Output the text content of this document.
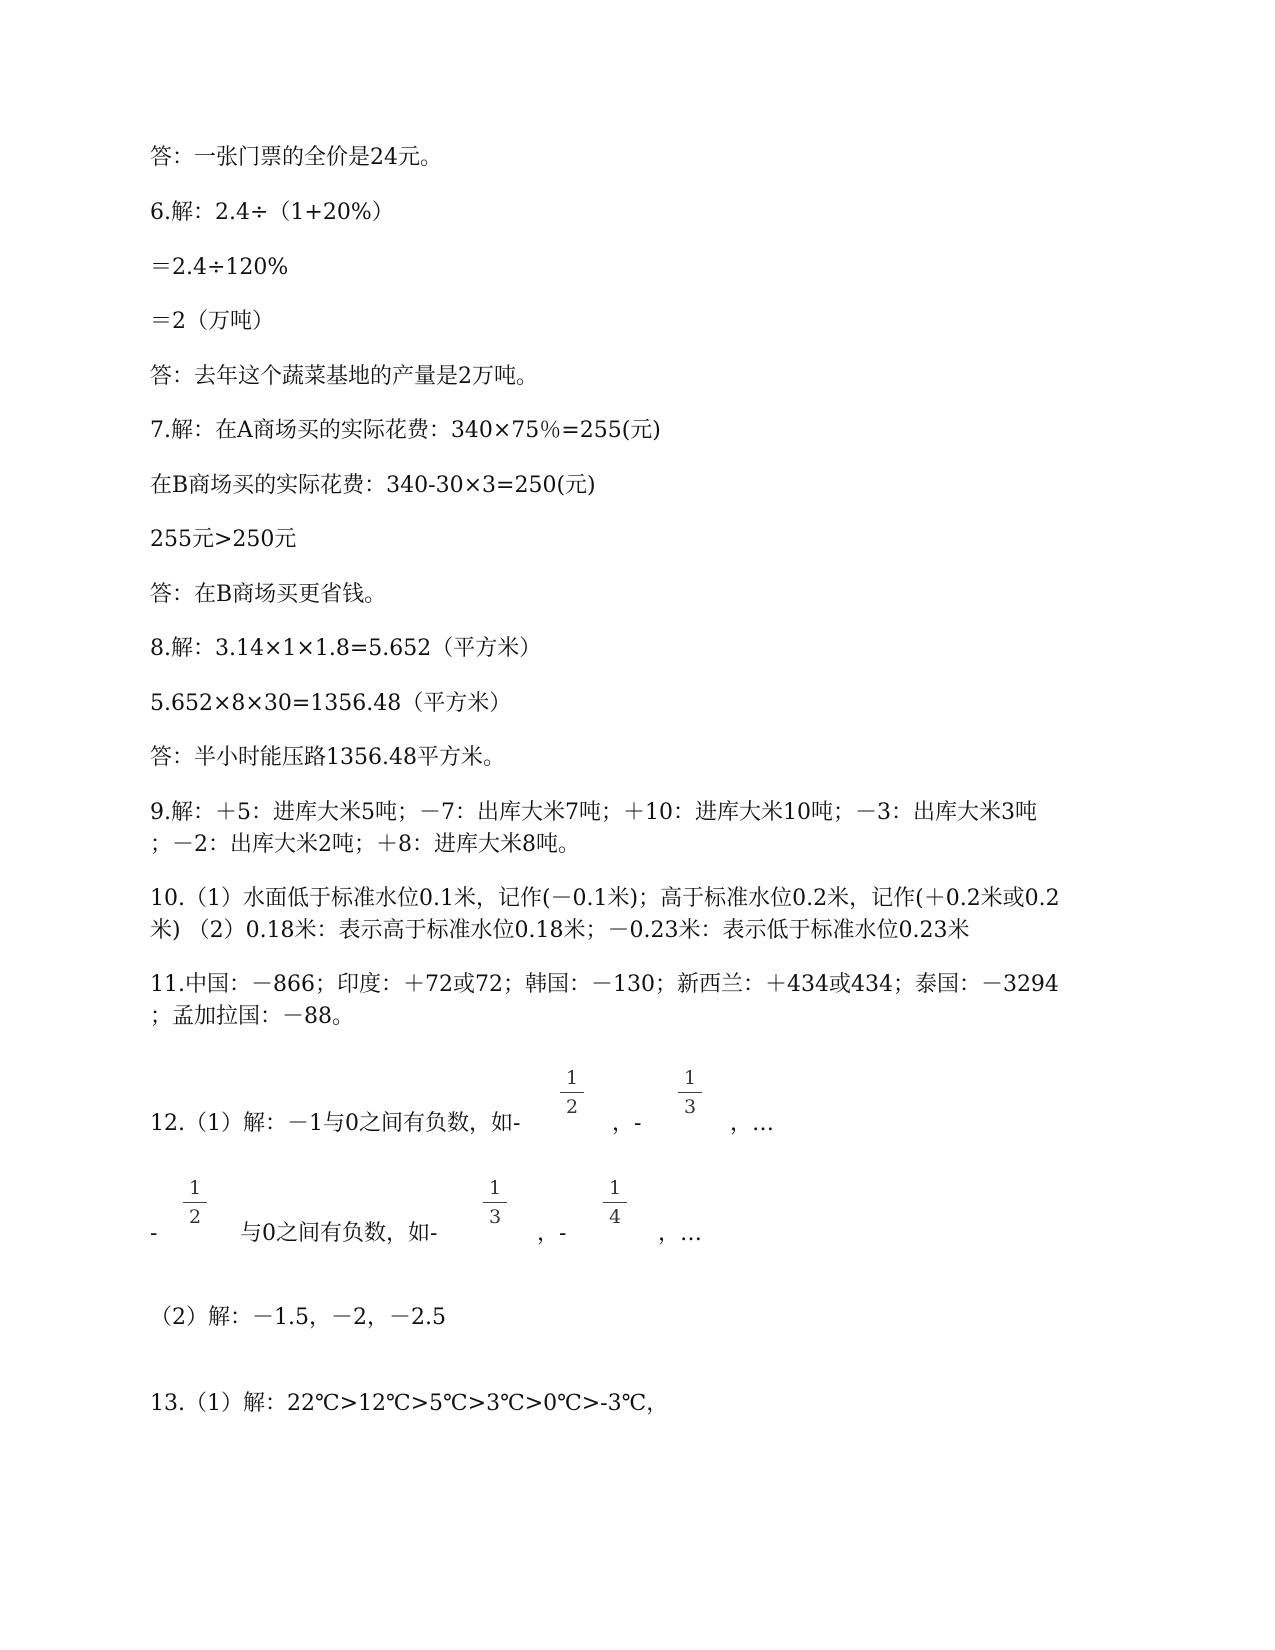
答：一张门票的全价是24元。

6.解：2.4÷（1+20%）

＝2.4÷120%

＝2（万吨）

答：去年这个蔬菜基地的产量是2万吨。

7.解：在A商场买的实际花费：340×75％=255(元)

在B商场买的实际花费：340-30×3=250(元)

255元>250元

答：在B商场买更省钱。

8.解：3.14×1×1.8=5.652（平方米）

5.652×8×30=1356.48（平方米）

答：半小时能压路1356.48平方米。

9.解：＋5：进库大米5吨；－7：出库大米7吨；＋10：进库大米10吨；－3：出库大米3吨

；－2：出库大米2吨；＋8：进库大米8吨。

10.（1）水面低于标准水位0.1米，记作(－0.1米)；高于标准水位0.2米，记作(＋0.2米或0.2

米) （2）0.18米：表示高于标准水位0.18米；－0.23米：表示低于标准水位0.23米

11.中国：－866；印度：＋72或72；韩国：－130；新西兰：＋434或434；泰国：－3294

；孟加拉国：－88。

12.（1）解：－1与0之间有负数，如-

1
2

，-

1
3

，…

-

1
2

与0之间有负数，如-

1
3

，-

1
4

，…

（2）解：－1.5，－2，－2.5

13.（1）解：22℃>12℃>5℃>3℃>0℃>-3℃，
